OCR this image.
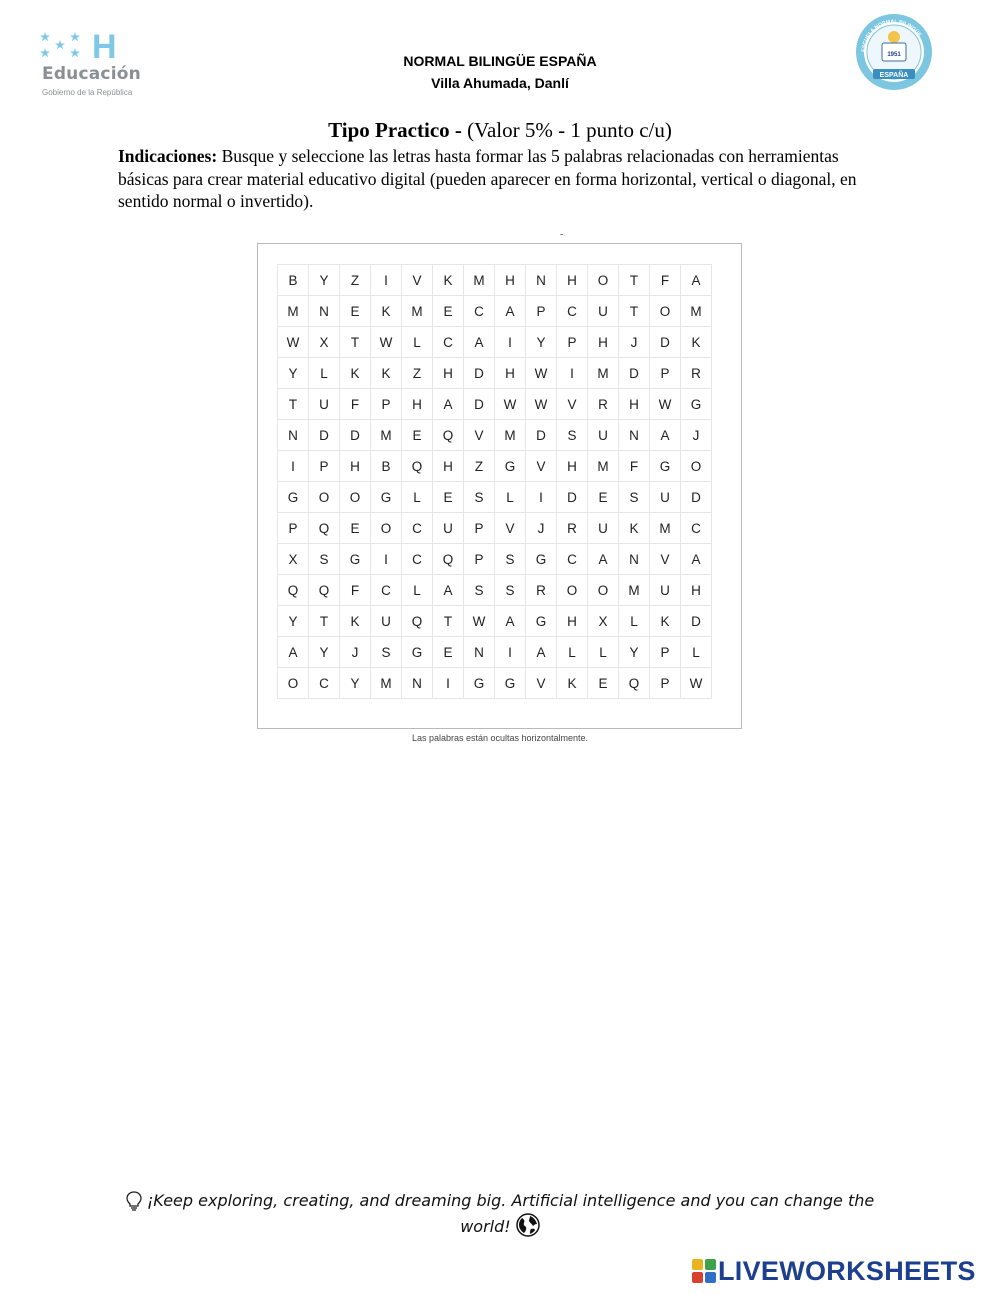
H
Educación
Gobierno de la República
NORMAL BILINGÜE ESPAÑA
Villa Ahumada, Danlí
ESCUELA NORMAL BILINGÜE
1951
ESPAÑA
Tipo Practico - (Valor 5% - 1 punto c/u)
Indicaciones: Busque y seleccione las letras hasta formar las 5 palabras relacionadas con herramientas básicas para crear material educativo digital (pueden aparecer en forma horizontal, vertical o diagonal, en sentido normal o invertido).
-
B	Y	Z	I	V	K	M	H	N	H	O	T	F	A
M	N	E	K	M	E	C	A	P	C	U	T	O	M
W	X	T	W	L	C	A	I	Y	P	H	J	D	K
Y	L	K	K	Z	H	D	H	W	I	M	D	P	R
T	U	F	P	H	A	D	W	W	V	R	H	W	G
N	D	D	M	E	Q	V	M	D	S	U	N	A	J
I	P	H	B	Q	H	Z	G	V	H	M	F	G	O
G	O	O	G	L	E	S	L	I	D	E	S	U	D
P	Q	E	O	C	U	P	V	J	R	U	K	M	C
X	S	G	I	C	Q	P	S	G	C	A	N	V	A
Q	Q	F	C	L	A	S	S	R	O	O	M	U	H
Y	T	K	U	Q	T	W	A	G	H	X	L	K	D
A	Y	J	S	G	E	N	I	A	L	L	Y	P	L
O	C	Y	M	N	I	G	G	V	K	E	Q	P	W
Las palabras están ocultas horizontalmente.
¡Keep exploring, creating, and dreaming big. Artificial intelligence and you can change the world!
LIVEWORKSHEETS
